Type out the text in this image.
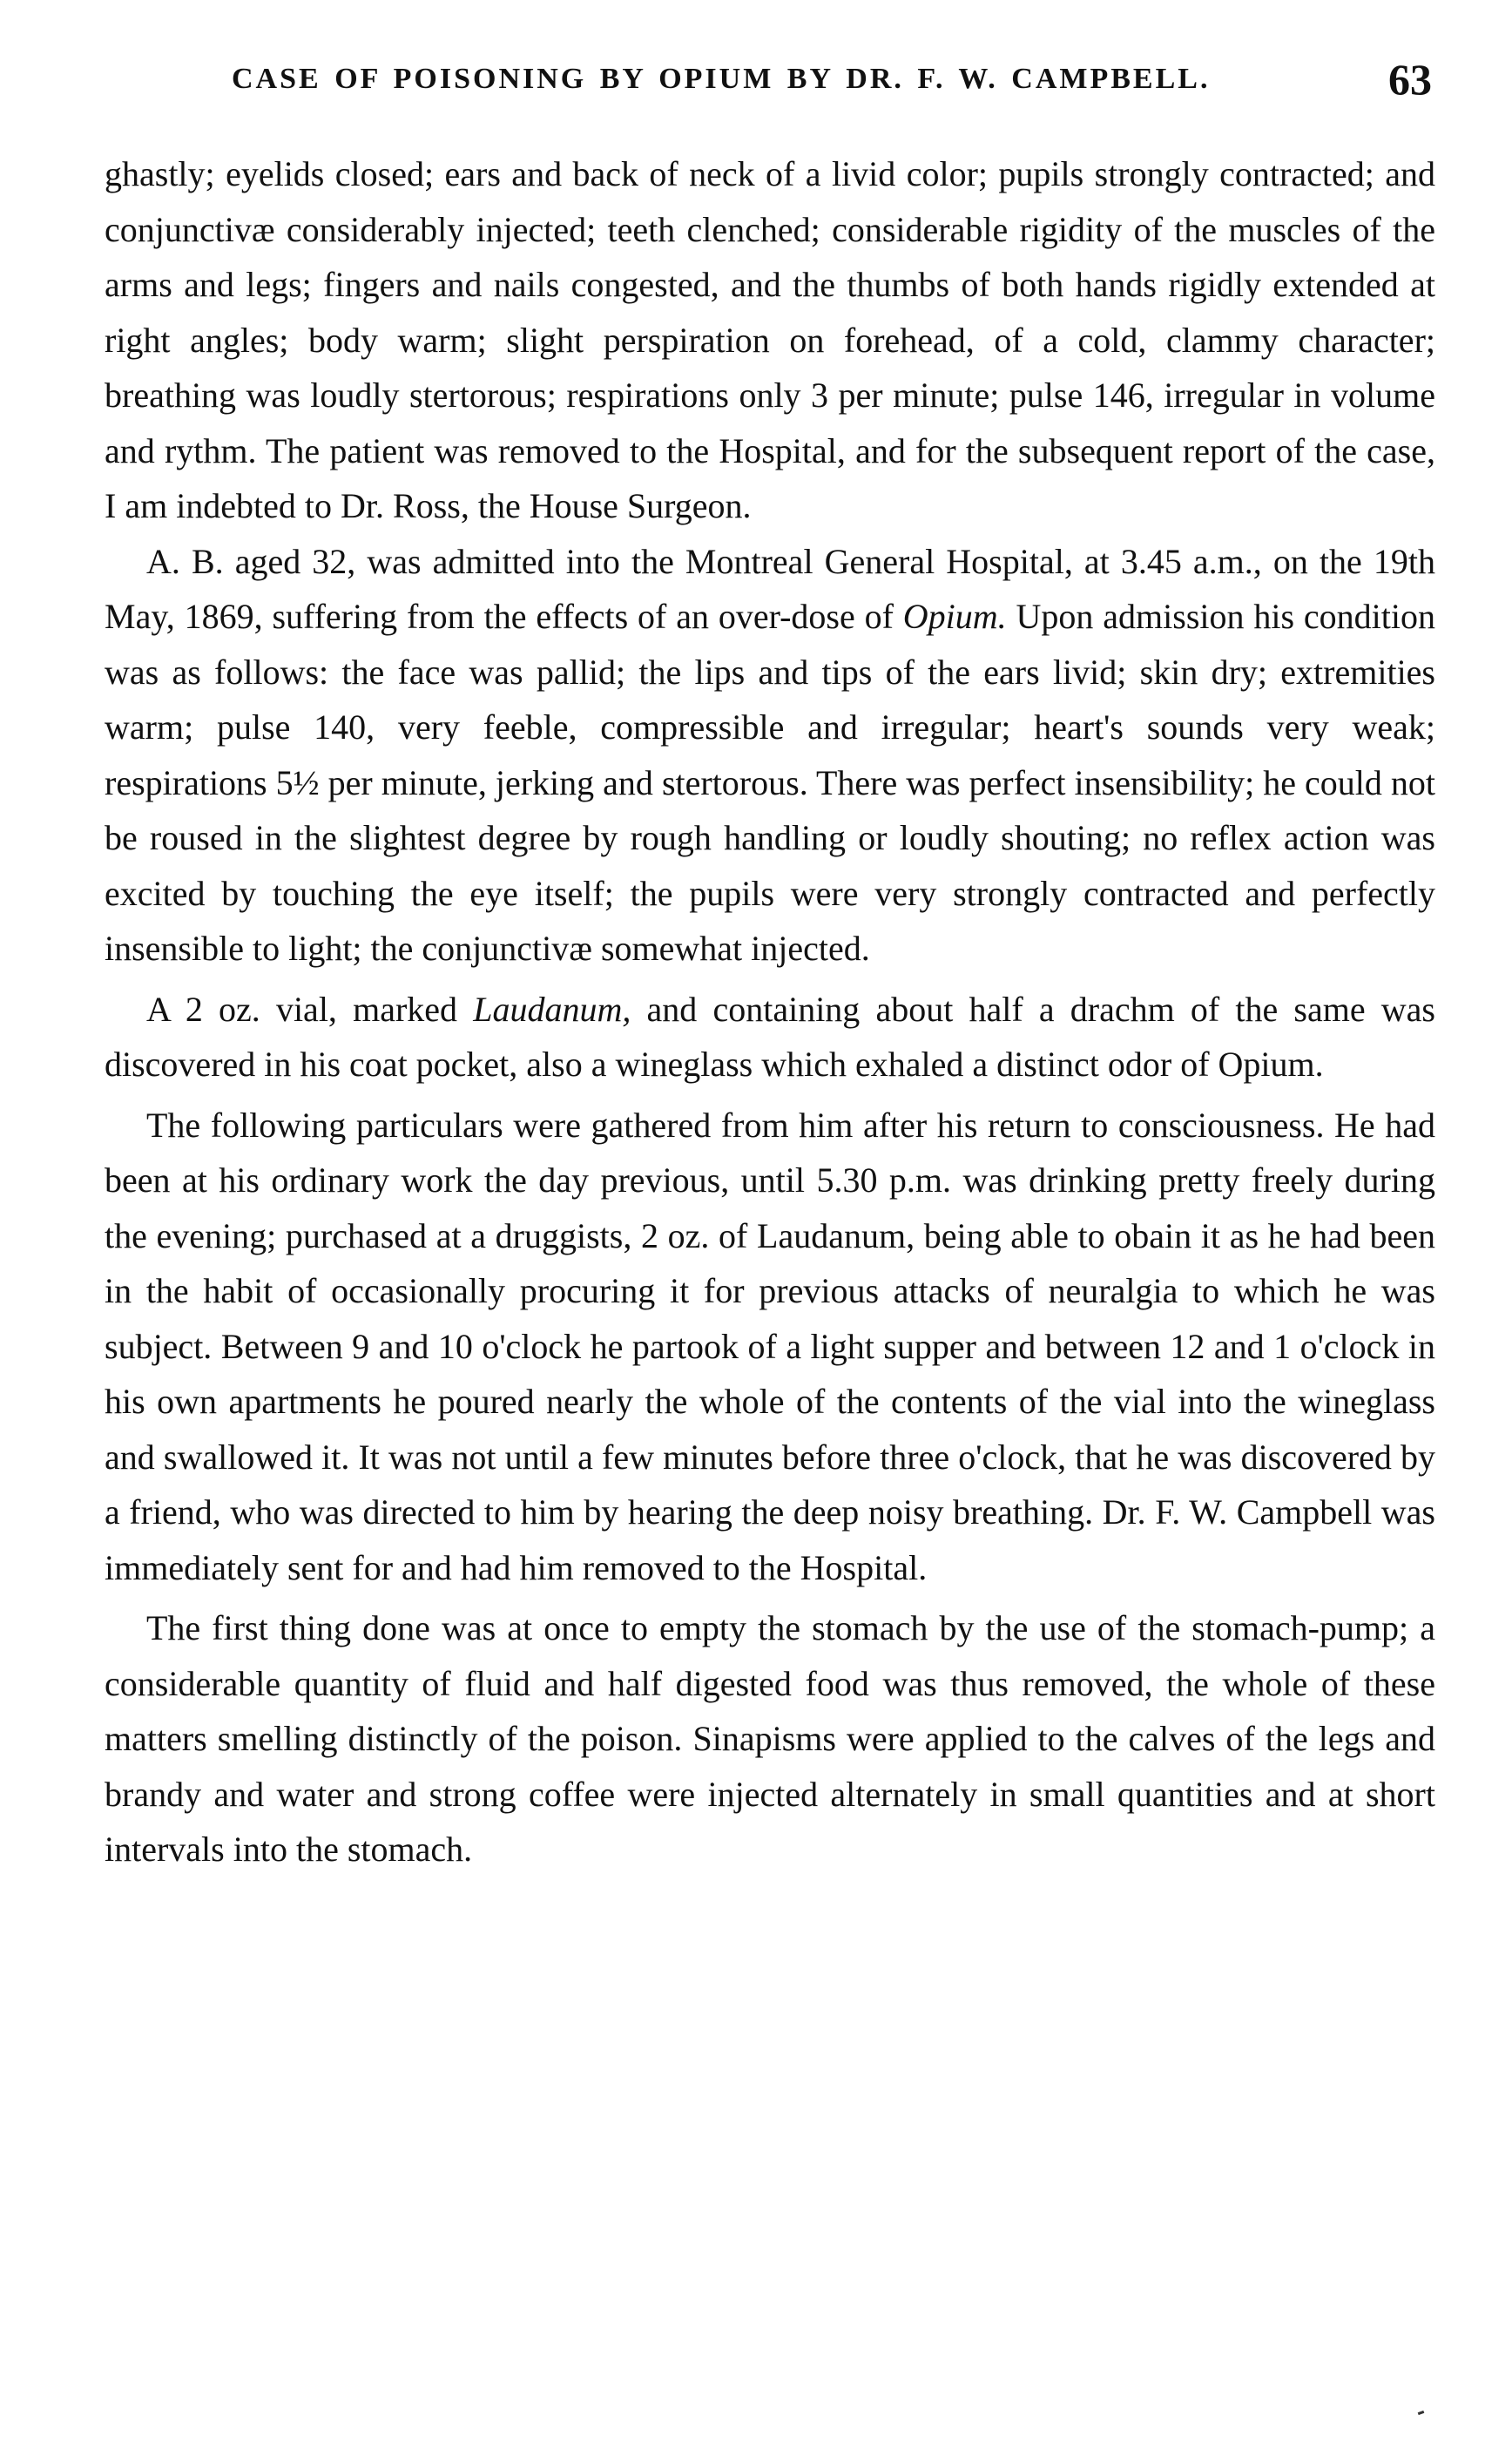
CASE OF POISONING BY OPIUM BY DR. F. W. CAMPBELL.	63

ghastly; eyelids closed; ears and back of neck of a livid color; pupils strongly contracted; and conjunctivæ considerably injected; teeth clenched; considerable rigidity of the muscles of the arms and legs; fingers and nails congested, and the thumbs of both hands rigidly extended at right angles; body warm; slight perspiration on forehead, of a cold, clammy character; breathing was loudly stertorous; respirations only 3 per minute; pulse 146, irregular in volume and rythm. The patient was removed to the Hospital, and for the subsequent report of the case, I am indebted to Dr. Ross, the House Surgeon.

A. B. aged 32, was admitted into the Montreal General Hospital, at 3.45 a.m., on the 19th May, 1869, suffering from the effects of an over-dose of Opium. Upon admission his condition was as follows: the face was pallid; the lips and tips of the ears livid; skin dry; extremities warm; pulse 140, very feeble, compressible and irregular; heart's sounds very weak; respirations 5½ per minute, jerking and stertorous. There was perfect insensibility; he could not be roused in the slightest degree by rough handling or loudly shouting; no reflex action was excited by touching the eye itself; the pupils were very strongly contracted and perfectly insensible to light; the conjunctivæ somewhat injected.

A 2 oz. vial, marked Laudanum, and containing about half a drachm of the same was discovered in his coat pocket, also a wineglass which exhaled a distinct odor of Opium.

The following particulars were gathered from him after his return to consciousness. He had been at his ordinary work the day previous, until 5.30 p.m. was drinking pretty freely during the evening; purchased at a druggists, 2 oz. of Laudanum, being able to obain it as he had been in the habit of occasionally procuring it for previous attacks of neuralgia to which he was subject. Between 9 and 10 o'clock he partook of a light supper and between 12 and 1 o'clock in his own apartments he poured nearly the whole of the contents of the vial into the wineglass and swallowed it. It was not until a few minutes before three o'clock, that he was discovered by a friend, who was directed to him by hearing the deep noisy breathing. Dr. F. W. Campbell was immediately sent for and had him removed to the Hospital.

The first thing done was at once to empty the stomach by the use of the stomach-pump; a considerable quantity of fluid and half digested food was thus removed, the whole of these matters smelling distinctly of the poison. Sinapisms were applied to the calves of the legs and brandy and water and strong coffee were injected alternately in small quantities and at short intervals into the stomach.
